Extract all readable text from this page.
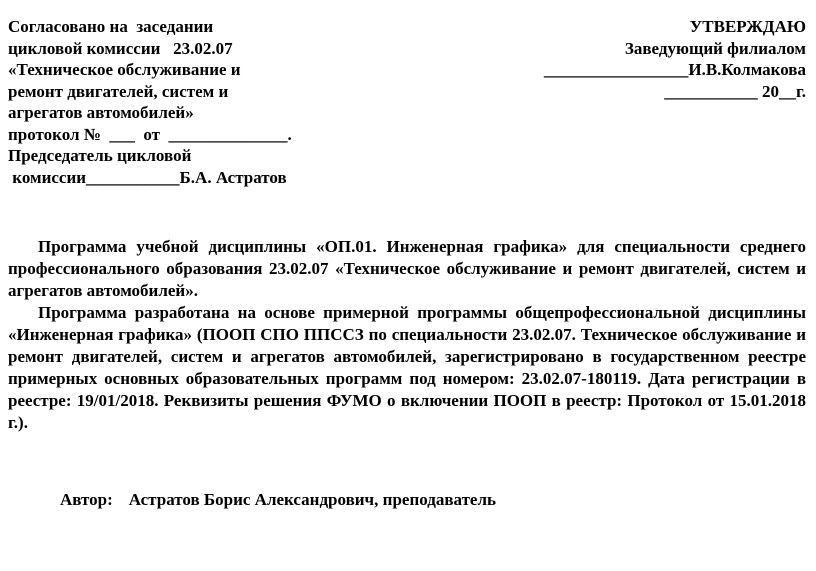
Согласовано на  заседании
цикловой комиссии   23.02.07
«Техническое обслуживание и
ремонт двигателей, систем и
агрегатов автомобилей»
протокол №  ___  от  ______________.
Председатель цикловой
комиссии___________Б.А. Астратов
УТВЕРЖДАЮ
Заведующий филиалом
_________________И.В.Колмакова
___________ 20__г.

Программа учебной дисциплины «ОП.01. Инженерная графика» для специальности среднего профессионального образования 23.02.07 «Техническое обслуживание и ремонт двигателей, систем и агрегатов автомобилей».

Программа разработана на основе примерной программы общепрофессиональной дисциплины «Инженерная графика» (ПООП СПО ППССЗ по специальности 23.02.07. Техническое обслуживание и ремонт двигателей, систем и агрегатов автомобилей, зарегистрировано в государственном реестре примерных основных образовательных программ под номером: 23.02.07-180119. Дата регистрации в реестре: 19/01/2018. Реквизиты решения ФУМО о включении ПООП в реестр: Протокол от 15.01.2018 г.).

Автор: Астратов Борис Александрович, преподаватель
